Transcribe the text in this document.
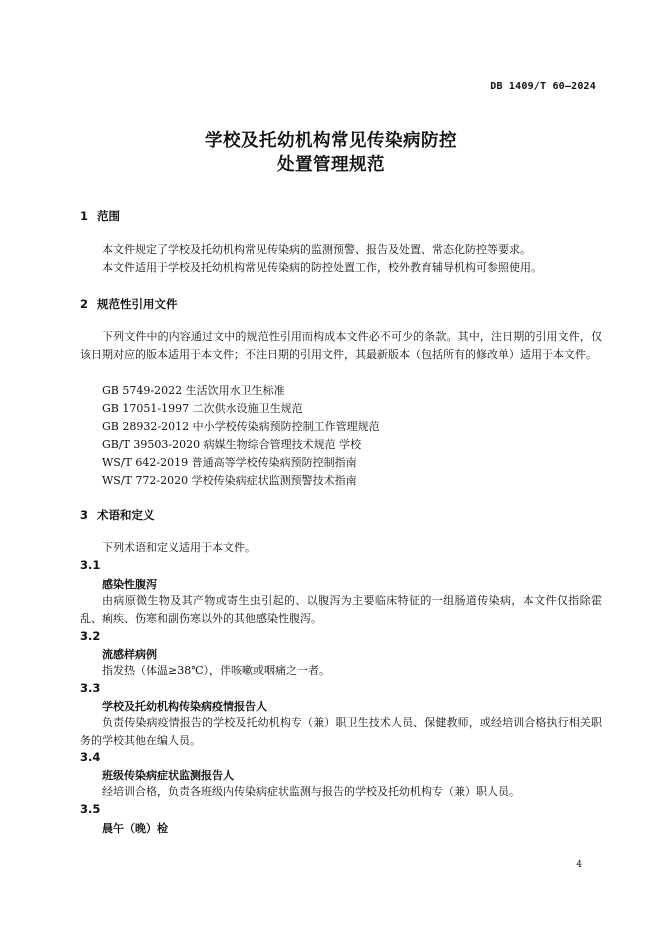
DB 1409/T 60—2024
学校及托幼机构常见传染病防控
处置管理规范
1 范围
本文件规定了学校及托幼机构常见传染病的监测预警、报告及处置、常态化防控等要求。
本文件适用于学校及托幼机构常见传染病的防控处置工作，校外教育辅导机构可参照使用。
2 规范性引用文件
下列文件中的内容通过文中的规范性引用而构成本文件必不可少的条款。其中，注日期的引用文件，仅该日期对应的版本适用于本文件；不注日期的引用文件，其最新版本（包括所有的修改单）适用于本文件。
GB 5749-2022 生活饮用水卫生标准
GB 17051-1997 二次供水设施卫生规范
GB 28932-2012 中小学校传染病预防控制工作管理规范
GB/T 39503-2020 病媒生物综合管理技术规范 学校
WS/T 642-2019 普通高等学校传染病预防控制指南
WS/T 772-2020 学校传染病症状监测预警技术指南
3 术语和定义
下列术语和定义适用于本文件。
3.1
感染性腹泻
由病原微生物及其产物或寄生虫引起的、以腹泻为主要临床特征的一组肠道传染病，本文件仅指除霍乱、痢疾、伤寒和副伤寒以外的其他感染性腹泻。
3.2
流感样病例
指发热（体温≥38℃），伴咳嗽或咽痛之一者。
3.3
学校及托幼机构传染病疫情报告人
负责传染病疫情报告的学校及托幼机构专（兼）职卫生技术人员、保健教师，或经培训合格执行相关职务的学校其他在编人员。
3.4
班级传染病症状监测报告人
经培训合格，负责各班级内传染病症状监测与报告的学校及托幼机构专（兼）职人员。
3.5
晨午（晚）检
4
